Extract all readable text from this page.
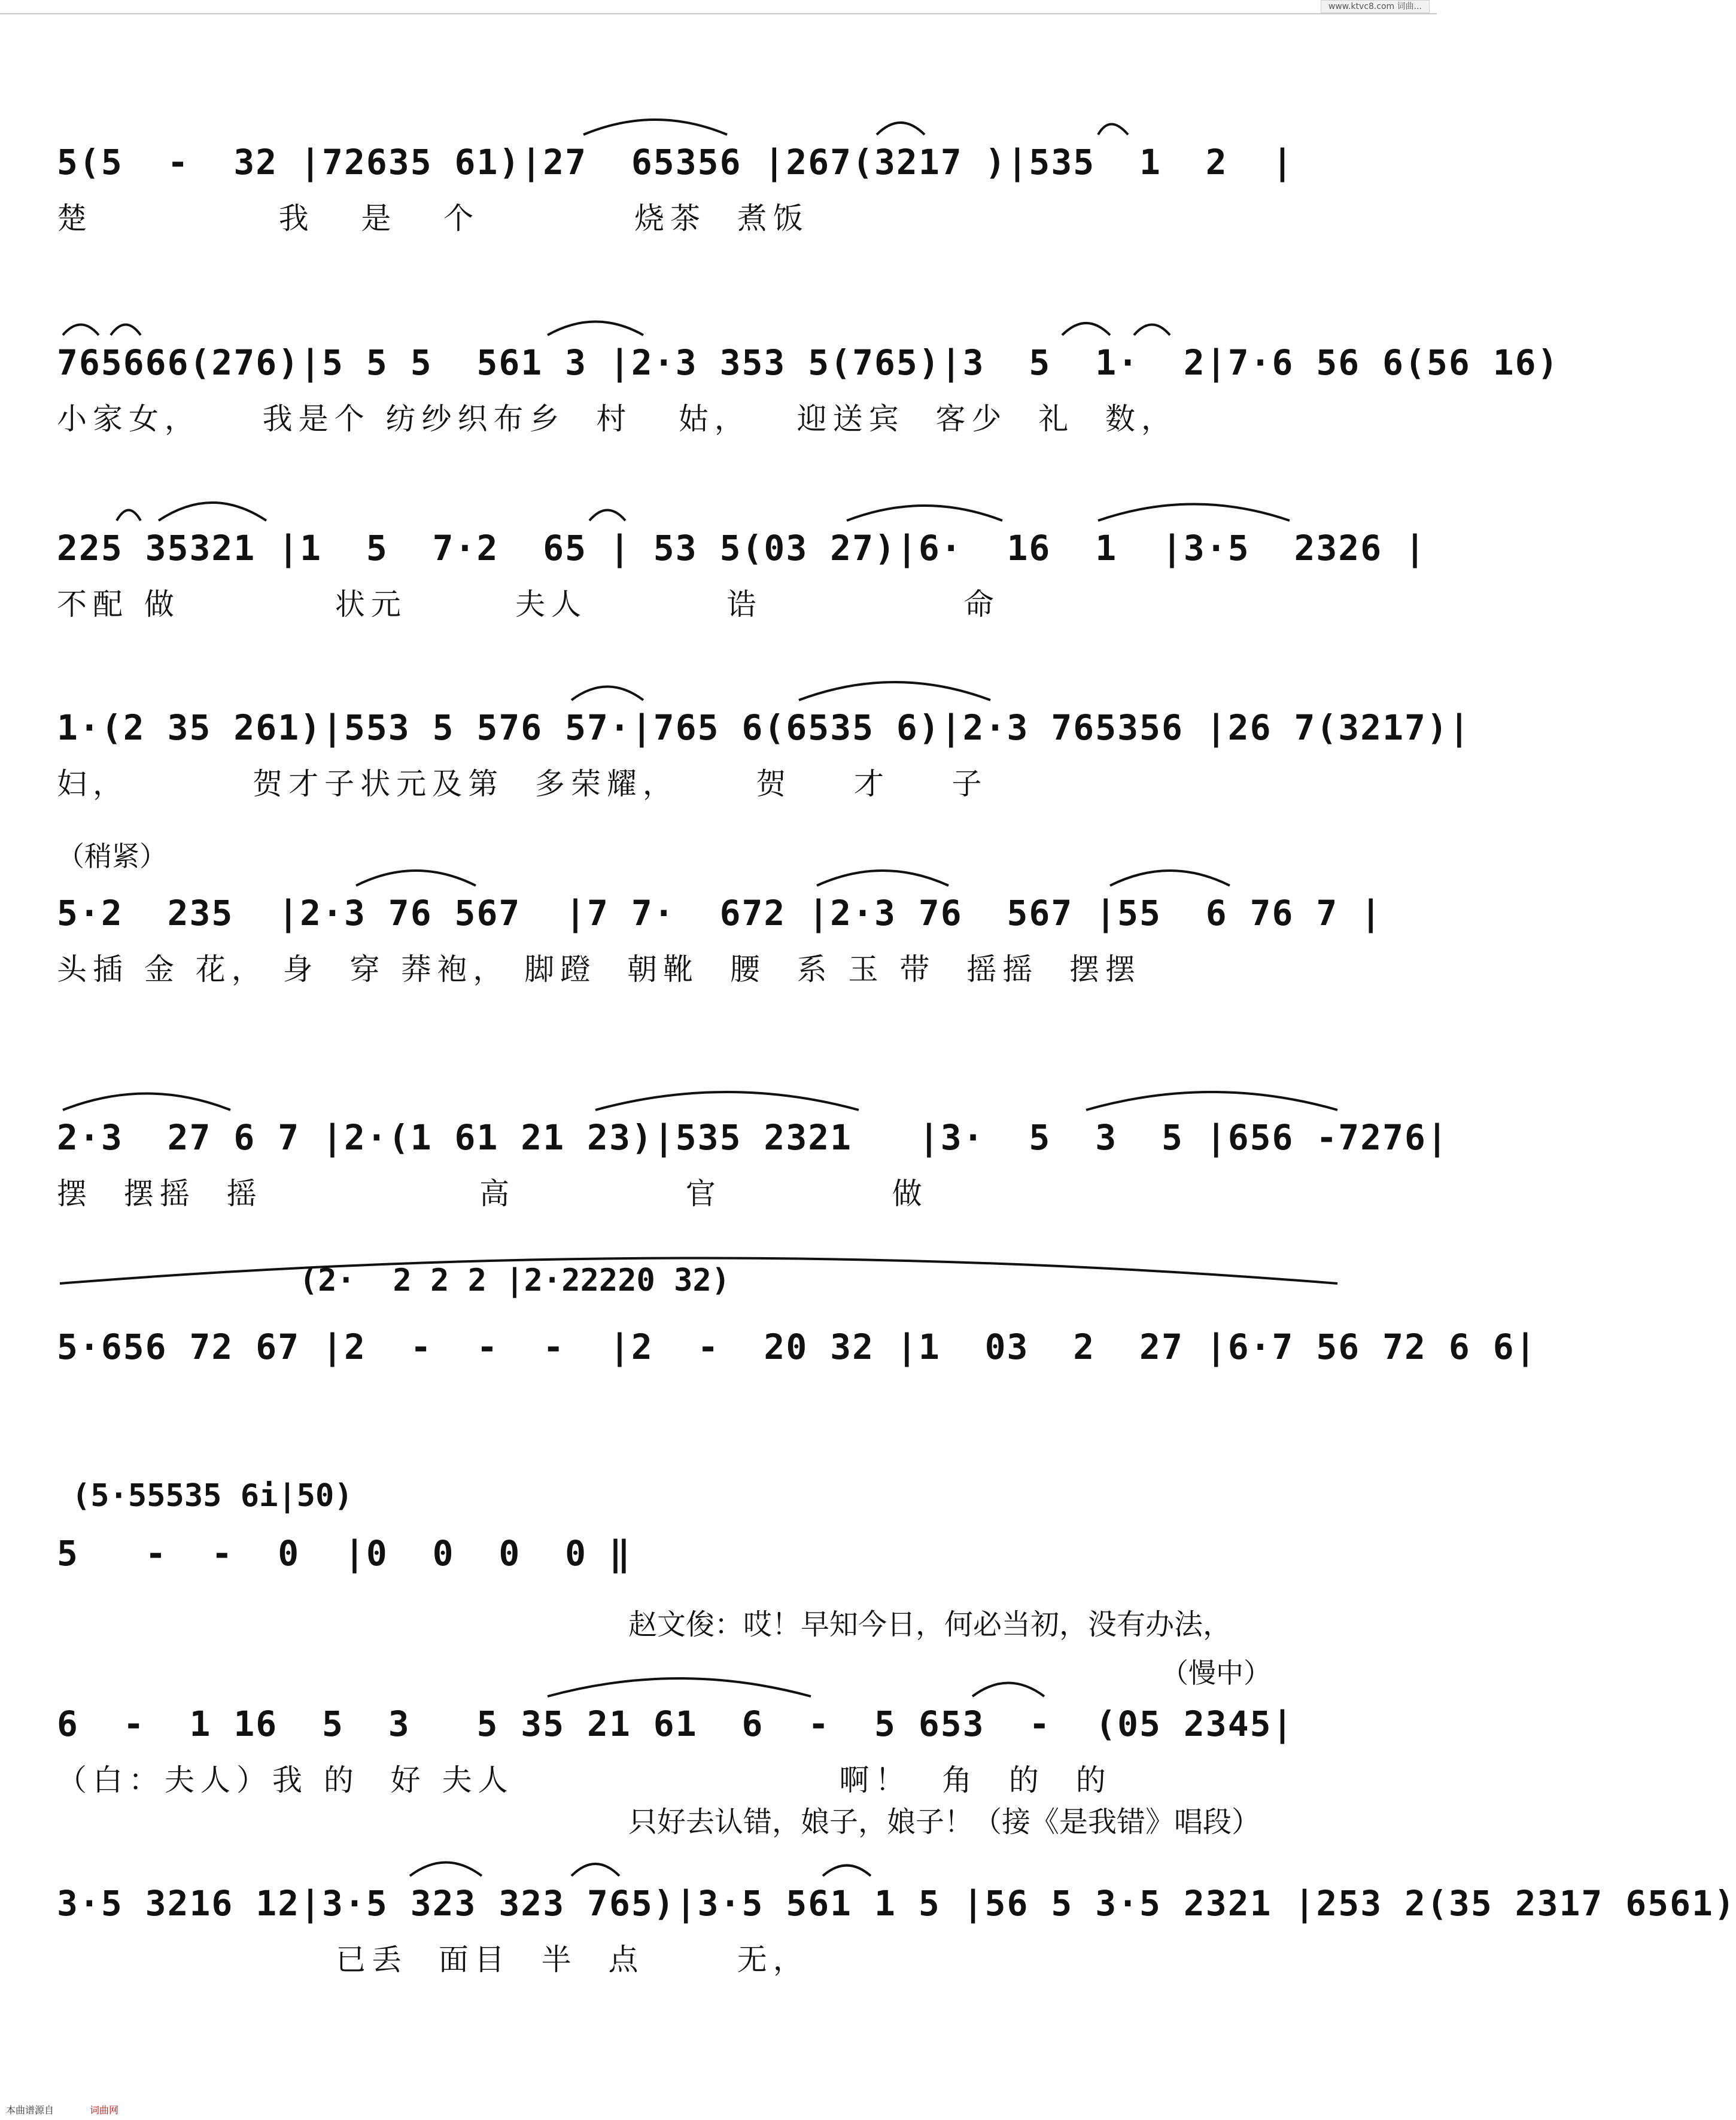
www.ktvc8.com 词曲...
5(5  -  32 |72635 61)|27  65356 |267(3217 )|535  1  2  |
楚            我   是   个          烧茶  煮饭
765666(276)|5 5 5  561 3 |2·3 353 5(765)|3  5  1·  2|7·6 56 6(56 16)
小家女，    我是个 纺纱织布乡  村   姑，   迎送宾  客少  礼  数，
225 35321 |1  5  7·2  65 | 53 5(03 27)|6·  16  1  |3·5  2326 |
不配 做          状元       夫人         诰             命
1·(2 35 261)|553 5 576 57·|765 6(6535 6)|2·3 765356 |26 7(3217)|
妇，        贺才子状元及第  多荣耀，     贺    才    子
（稍紧）
5·2  235  |2·3 76 567  |7 7·  672 |2·3 76  567 |55  6 76 7 |
头插 金 花， 身  穿 莽袍， 脚蹬  朝靴  腰  系 玉 带  摇摇  摆摆
2·3  27 6 7 |2·(1 61 21 23)|535 2321   |3·  5  3  5 |656 -7276|
摆  摆摇  摇              高           官           做
(2·  2 2 2 |2·22220 32)
5·656 72 67 |2  -  -  -  |2  -  20 32 |1  03  2  27 |6·7 56 72 6 6|
(5·55535 6i|50)
5   -  -  0  |0  0  0  0 ‖

赵文俊：哎！早知今日，何必当初，没有办法，

只好去认错，娘子，娘子！（接《是我错》唱段）

（慢中）
6  -  1 16  5  3   5 35 21 61  6  -  5 653  -  (05 2345|
（白：夫人）我 的  好 夫人                     啊！  角  的  的
3·5 3216 12|3·5 323 323 765)|3·5 561 1 5 |56 5 3·5 2321 |253 2(35 2317 6561)
已丢  面目  半  点      无，
本曲谱源自	词曲网
